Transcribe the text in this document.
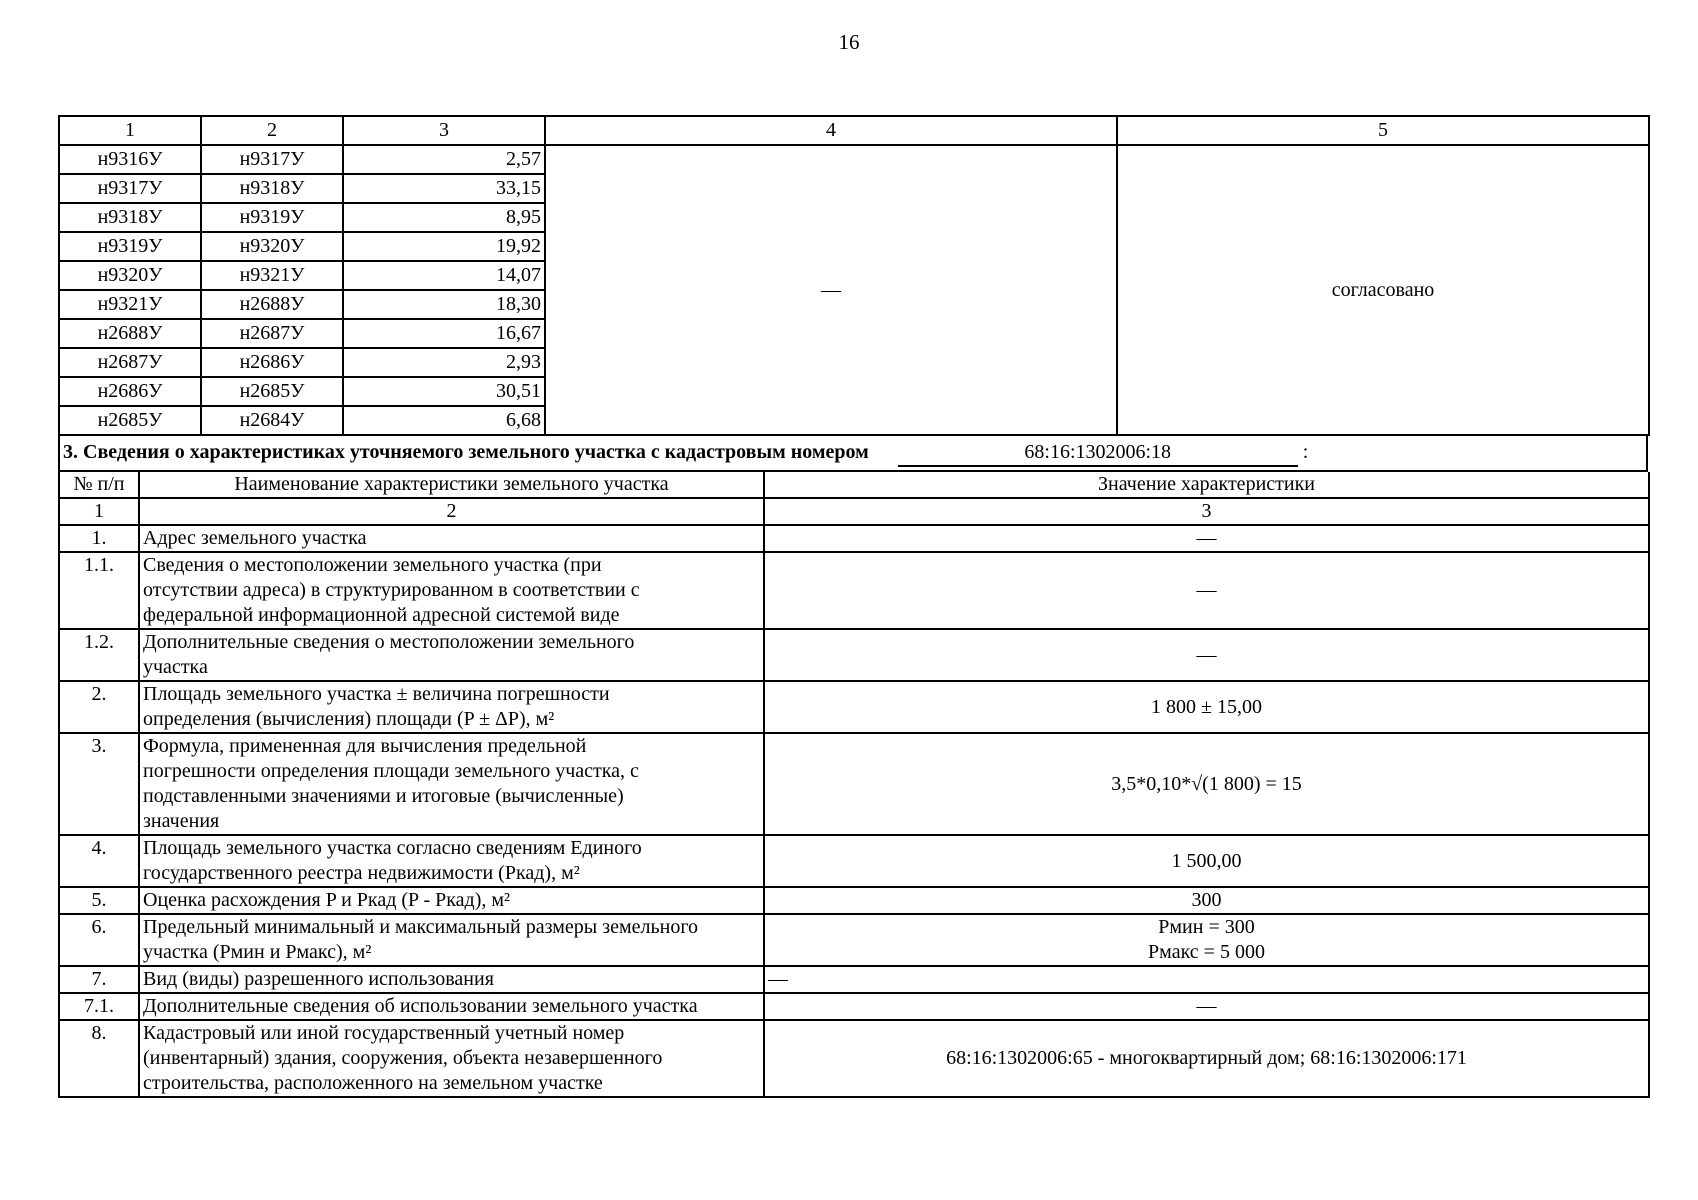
16
1	2	3	4	5
н9316У	н9317У	2,57	—	согласовано
н9317У	н9318У	33,15		
н9318У	н9319У	8,95		
н9319У	н9320У	19,92		
н9320У	н9321У	14,07		
н9321У	н2688У	18,30		
н2688У	н2687У	16,67		
н2687У	н2686У	2,93		
н2686У	н2685У	30,51		
н2685У	н2684У	6,68		
3. Сведения о характеристиках уточняемого земельного участка с кадастровым номером	68:16:1302006:18	:
№ п/п	Наименование характеристики земельного участка	Значение характеристики
1	2	3
1.	Адрес земельного участка	—
1.1.	Сведения о местоположении земельного участка (при
отсутствии адреса) в структурированном в соответствии с
федеральной информационной адресной системой виде	—
1.2.	Дополнительные сведения о местоположении земельного
участка	—
2.	Площадь земельного участка ± величина погрешности
определения (вычисления) площади (P ± ΔP), м²	1 800 ± 15,00
3.	Формула, примененная для вычисления предельной
погрешности определения площади земельного участка, с
подставленными значениями и итоговые (вычисленные)
значения	3,5*0,10*√(1 800) = 15
4.	Площадь земельного участка согласно сведениям Единого
государственного реестра недвижимости (Ркад), м²	1 500,00
5.	Оценка расхождения P и Ркад (P - Ркад), м²	300
6.	Предельный минимальный и максимальный размеры земельного
участка (Рмин и Рмакс), м²	Рмин = 300
Рмакс = 5 000
7.	Вид (виды) разрешенного использования	—
7.1.	Дополнительные сведения об использовании земельного участка	—
8.	Кадастровый или иной государственный учетный номер
(инвентарный) здания, сооружения, объекта незавершенного
строительства, расположенного на земельном участке	68:16:1302006:65 - многоквартирный дом; 68:16:1302006:171
